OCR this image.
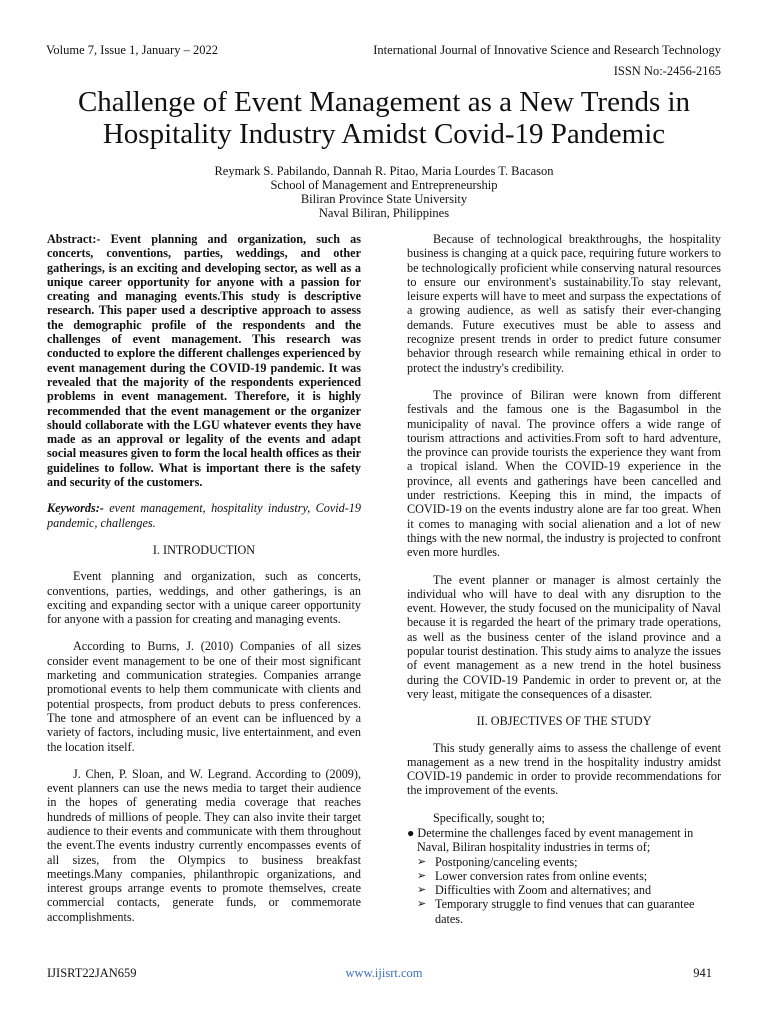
Volume 7, Issue 1, January – 2022	International Journal of Innovative Science and Research Technology
ISSN No:-2456-2165
Challenge of Event Management as a New Trends in
Hospitality Industry Amidst Covid-19 Pandemic
Reymark S. Pabilando, Dannah R. Pitao, Maria Lourdes T. Bacason
School of Management and Entrepreneurship
Biliran Province State University
Naval Biliran, Philippines

Abstract:- Event planning and organization, such as concerts, conventions, parties, weddings, and other gatherings, is an exciting and developing sector, as well as a unique career opportunity for anyone with a passion for creating and managing events.This study is descriptive research. This paper used a descriptive approach to assess the demographic profile of the respondents and the challenges of event management. This research was conducted to explore the different challenges experienced by event management during the COVID-19 pandemic. It was revealed that the majority of the respondents experienced problems in event management. Therefore, it is highly recommended that the event management or the organizer should collaborate with the LGU whatever events they have made as an approval or legality of the events and adapt social measures given to form the local health offices as their guidelines to follow. What is important there is the safety and security of the customers.

Keywords:- event management, hospitality industry, Covid-19 pandemic, challenges.

I. INTRODUCTION

Event planning and organization, such as concerts, conventions, parties, weddings, and other gatherings, is an exciting and expanding sector with a unique career opportunity for anyone with a passion for creating and managing events.

According to Burns, J. (2010) Companies of all sizes consider event management to be one of their most significant marketing and communication strategies. Companies arrange promotional events to help them communicate with clients and potential prospects, from product debuts to press conferences. The tone and atmosphere of an event can be influenced by a variety of factors, including music, live entertainment, and even the location itself.

J. Chen, P. Sloan, and W. Legrand. According to (2009), event planners can use the news media to target their audience in the hopes of generating media coverage that reaches hundreds of millions of people. They can also invite their target audience to their events and communicate with them throughout the event.The events industry currently encompasses events of all sizes, from the Olympics to business breakfast meetings.Many companies, philanthropic organizations, and interest groups arrange events to promote themselves, create commercial contacts, generate funds, or commemorate accomplishments.

Because of technological breakthroughs, the hospitality business is changing at a quick pace, requiring future workers to be technologically proficient while conserving natural resources to ensure our environment's sustainability.To stay relevant, leisure experts will have to meet and surpass the expectations of a growing audience, as well as satisfy their ever-changing demands. Future executives must be able to assess and recognize present trends in order to predict future consumer behavior through research while remaining ethical in order to protect the industry's credibility.

The province of Biliran were known from different festivals and the famous one is the Bagasumbol in the municipality of naval. The province offers a wide range of tourism attractions and activities.From soft to hard adventure, the province can provide tourists the experience they want from a tropical island. When the COVID-19 experience in the province, all events and gatherings have been cancelled and under restrictions. Keeping this in mind, the impacts of COVID-19 on the events industry alone are far too great. When it comes to managing with social alienation and a lot of new things with the new normal, the industry is projected to confront even more hurdles.

The event planner or manager is almost certainly the individual who will have to deal with any disruption to the event. However, the study focused on the municipality of Naval because it is regarded the heart of the primary trade operations, as well as the business center of the island province and a popular tourist destination. This study aims to analyze the issues of event management as a new trend in the hotel business during the COVID-19 Pandemic in order to prevent or, at the very least, mitigate the consequences of a disaster.

II. OBJECTIVES OF THE STUDY

This study generally aims to assess the challenge of event management as a new trend in the hospitality industry amidst COVID-19 pandemic in order to provide recommendations for the improvement of the events.

Specifically, sought to;

● Determine the challenges faced by event management in Naval, Biliran hospitality industries in terms of;

➢ Postponing/canceling events;
➢ Lower conversion rates from online events;
➢ Difficulties with Zoom and alternatives; and
➢ Temporary struggle to find venues that can guarantee dates.
IJISRT22JAN659	www.ijisrt.com	941
